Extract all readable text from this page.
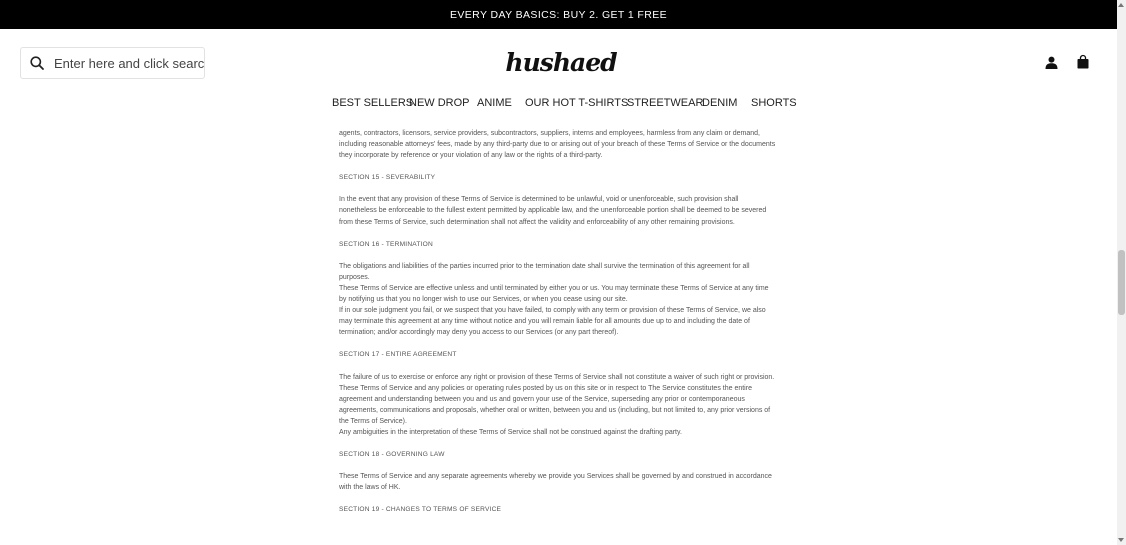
EVERY DAY BASICS: BUY 2. GET 1 FREE
Enter here and click search
hushaed
BEST SELLERS
NEW DROP ANIME OUR HOT T-SHIRTS
STREETWEAR
DENIM SHORTS

agents, contractors, licensors, service providers, subcontractors, suppliers, interns and employees, harmless from any claim or demand, including reasonable attorneys' fees, made by any third-party due to or arising out of your breach of these Terms of Service or the documents they incorporate by reference or your violation of any law or the rights of a third-party.

SECTION 15 - SEVERABILITY

In the event that any provision of these Terms of Service is determined to be unlawful, void or unenforceable, such provision shall nonetheless be enforceable to the fullest extent permitted by applicable law, and the unenforceable portion shall be deemed to be severed from these Terms of Service, such determination shall not affect the validity and enforceability of any other remaining provisions.

SECTION 16 - TERMINATION

The obligations and liabilities of the parties incurred prior to the termination date shall survive the termination of this agreement for all purposes.

These Terms of Service are effective unless and until terminated by either you or us. You may terminate these Terms of Service at any time by notifying us that you no longer wish to use our Services, or when you cease using our site.

If in our sole judgment you fail, or we suspect that you have failed, to comply with any term or provision of these Terms of Service, we also may terminate this agreement at any time without notice and you will remain liable for all amounts due up to and including the date of termination; and/or accordingly may deny you access to our Services (or any part thereof).

SECTION 17 - ENTIRE AGREEMENT

The failure of us to exercise or enforce any right or provision of these Terms of Service shall not constitute a waiver of such right or provision.

These Terms of Service and any policies or operating rules posted by us on this site or in respect to The Service constitutes the entire agreement and understanding between you and us and govern your use of the Service, superseding any prior or contemporaneous agreements, communications and proposals, whether oral or written, between you and us (including, but not limited to, any prior versions of the Terms of Service).

Any ambiguities in the interpretation of these Terms of Service shall not be construed against the drafting party.

SECTION 18 - GOVERNING LAW

These Terms of Service and any separate agreements whereby we provide you Services shall be governed by and construed in accordance with the laws of HK.

SECTION 19 - CHANGES TO TERMS OF SERVICE
